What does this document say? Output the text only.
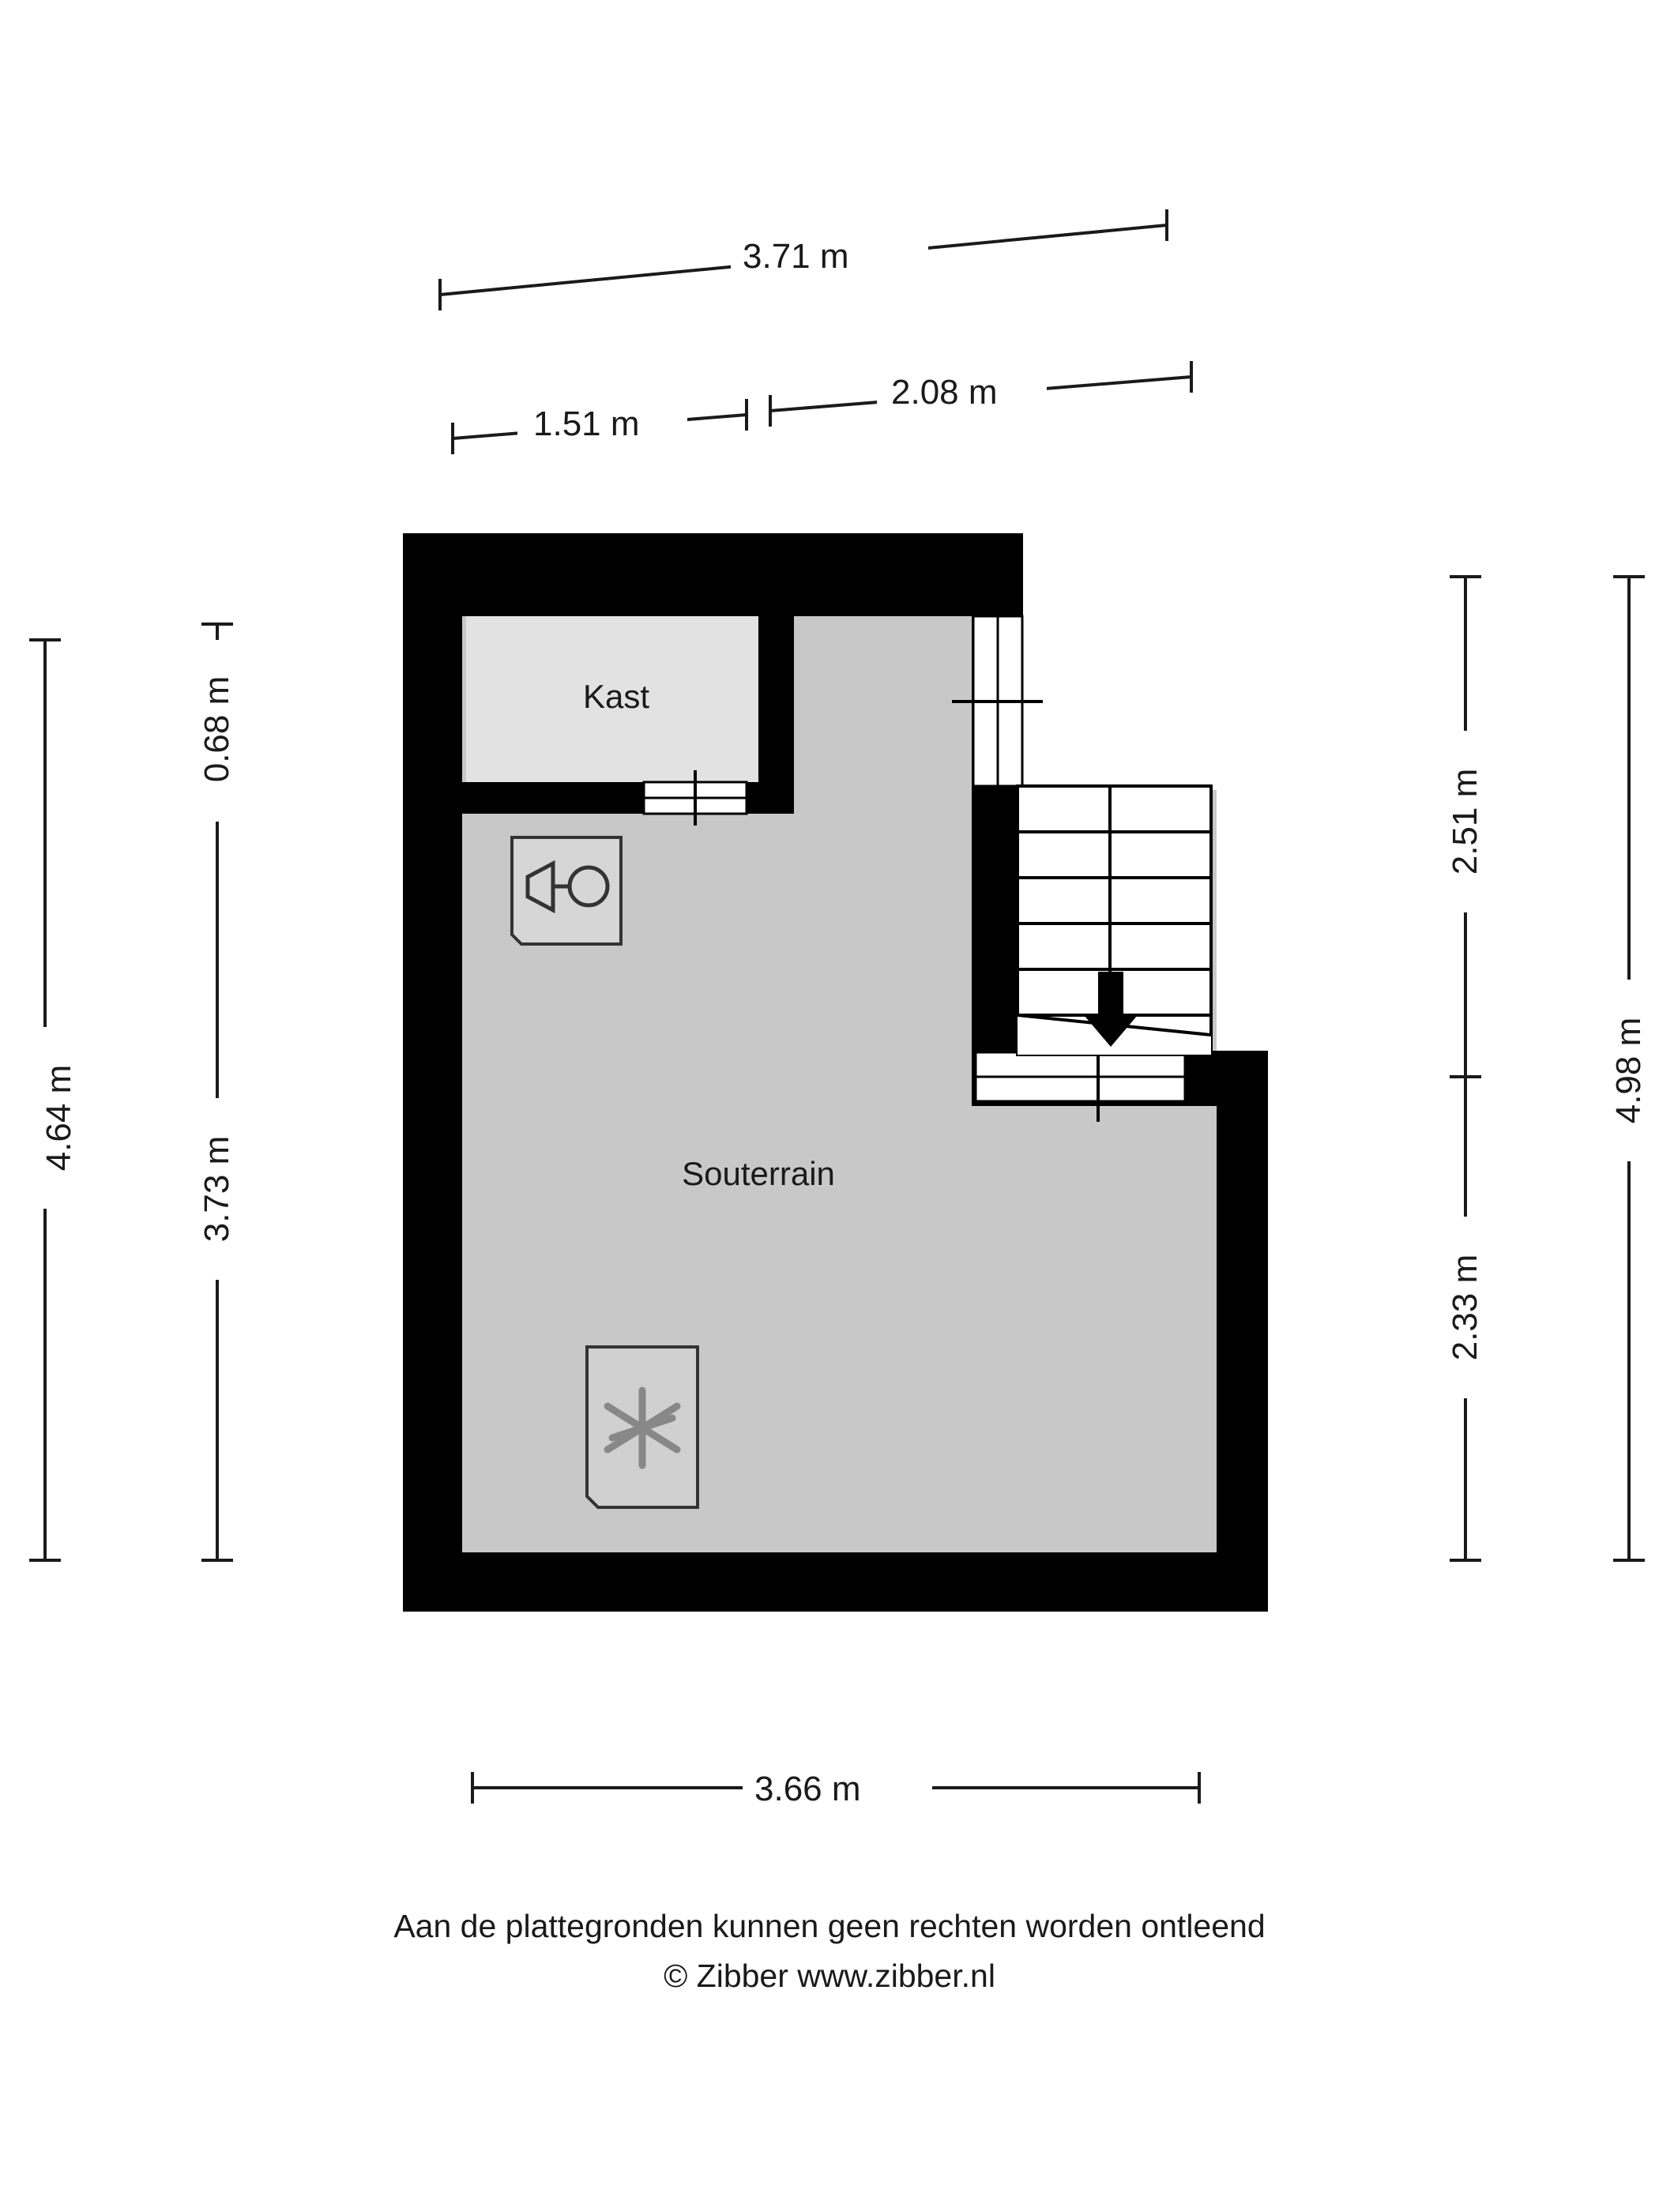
3.71 m
1.51 m
2.08 m
4.64 m
0.68 m
3.73 m
4.98 m
2.51 m
2.33 m
3.66 m
Kast
Souterrain
Aan de plattegronden kunnen geen rechten worden ontleend
© Zibber www.zibber.nl
